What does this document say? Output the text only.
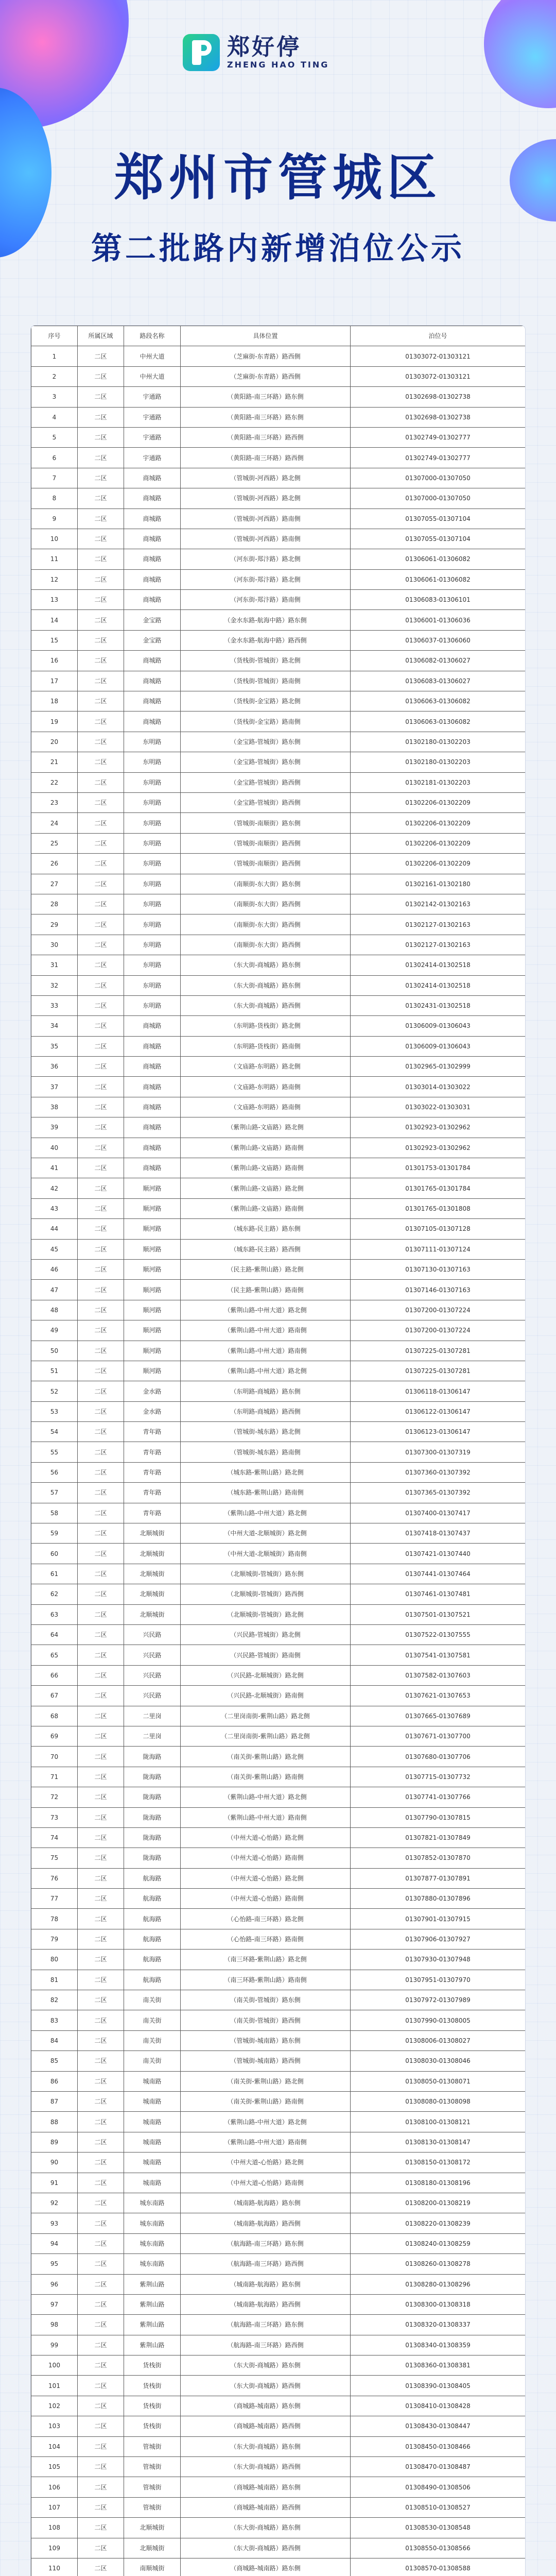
郑好停
ZHENG HAO TING
郑州市管城区
第二批路内新增泊位公示
序号	所属区域	路段名称	具体位置	泊位号
1	二区	中州大道	（芝麻街-东青路）路西侧	01303072-01303121
2	二区	中州大道	（芝麻街-东青路）路西侧	01303072-01303121
3	二区	宇通路	（黄阳路-南三环路）路东侧	01302698-01302738
4	二区	宇通路	（黄阳路-南三环路）路东侧	01302698-01302738
5	二区	宇通路	（黄阳路-南三环路）路西侧	01302749-01302777
6	二区	宇通路	（黄阳路-南三环路）路西侧	01302749-01302777
7	二区	商城路	（管城街-河西路）路北侧	01307000-01307050
8	二区	商城路	（管城街-河西路）路北侧	01307000-01307050
9	二区	商城路	（管城街-河西路）路南侧	01307055-01307104
10	二区	商城路	（管城街-河西路）路南侧	01307055-01307104
11	二区	商城路	（河东街-郑汴路）路北侧	01306061-01306082
12	二区	商城路	（河东街-郑汴路）路北侧	01306061-01306082
13	二区	商城路	（河东街-郑汴路）路南侧	01306083-01306101
14	二区	金宝路	（金水东路-航海中路）路东侧	01306001-01306036
15	二区	金宝路	（金水东路-航海中路）路西侧	01306037-01306060
16	二区	商城路	（货栈街-管城街）路北侧	01306082-01306027
17	二区	商城路	（货栈街-管城街）路南侧	01306083-01306027
18	二区	商城路	（货栈街-金宝路）路北侧	01306063-01306082
19	二区	商城路	（货栈街-金宝路）路南侧	01306063-01306082
20	二区	东明路	（金宝路-管城街）路东侧	01302180-01302203
21	二区	东明路	（金宝路-管城街）路东侧	01302180-01302203
22	二区	东明路	（金宝路-管城街）路西侧	01302181-01302203
23	二区	东明路	（金宝路-管城街）路西侧	01302206-01302209
24	二区	东明路	（管城街-南顺街）路东侧	01302206-01302209
25	二区	东明路	（管城街-南顺街）路西侧	01302206-01302209
26	二区	东明路	（管城街-南顺街）路西侧	01302206-01302209
27	二区	东明路	（南顺街-东大街）路东侧	01302161-01302180
28	二区	东明路	（南顺街-东大街）路西侧	01302142-01302163
29	二区	东明路	（南顺街-东大街）路西侧	01302127-01302163
30	二区	东明路	（南顺街-东大街）路西侧	01302127-01302163
31	二区	东明路	（东大街-商城路）路东侧	01302414-01302518
32	二区	东明路	（东大街-商城路）路东侧	01302414-01302518
33	二区	东明路	（东大街-商城路）路西侧	01302431-01302518
34	二区	商城路	（东明路-货栈街）路北侧	01306009-01306043
35	二区	商城路	（东明路-货栈街）路南侧	01306009-01306043
36	二区	商城路	（文庙路-东明路）路北侧	01302965-01302999
37	二区	商城路	（文庙路-东明路）路南侧	01303014-01303022
38	二区	商城路	（文庙路-东明路）路南侧	01303022-01303031
39	二区	商城路	（紫荆山路-文庙路）路北侧	01302923-01302962
40	二区	商城路	（紫荆山路-文庙路）路南侧	01302923-01302962
41	二区	商城路	（紫荆山路-文庙路）路南侧	01301753-01301784
42	二区	顺河路	（紫荆山路-文庙路）路北侧	01301765-01301784
43	二区	顺河路	（紫荆山路-文庙路）路南侧	01301765-01301808
44	二区	顺河路	（城东路-民主路）路东侧	01307105-01307128
45	二区	顺河路	（城东路-民主路）路西侧	01307111-01307124
46	二区	顺河路	（民主路-紫荆山路）路北侧	01307130-01307163
47	二区	顺河路	（民主路-紫荆山路）路南侧	01307146-01307163
48	二区	顺河路	（紫荆山路-中州大道）路北侧	01307200-01307224
49	二区	顺河路	（紫荆山路-中州大道）路南侧	01307200-01307224
50	二区	顺河路	（紫荆山路-中州大道）路南侧	01307225-01307281
51	二区	顺河路	（紫荆山路-中州大道）路北侧	01307225-01307281
52	二区	金水路	（东明路-商城路）路东侧	01306118-01306147
53	二区	金水路	（东明路-商城路）路西侧	01306122-01306147
54	二区	青年路	（管城街-城东路）路北侧	01306123-01306147
55	二区	青年路	（管城街-城东路）路南侧	01307300-01307319
56	二区	青年路	（城东路-紫荆山路）路北侧	01307360-01307392
57	二区	青年路	（城东路-紫荆山路）路南侧	01307365-01307392
58	二区	青年路	（紫荆山路-中州大道）路北侧	01307400-01307417
59	二区	北顺城街	（中州大道-北顺城街）路北侧	01307418-01307437
60	二区	北顺城街	（中州大道-北顺城街）路南侧	01307421-01307440
61	二区	北顺城街	（北顺城街-管城街）路东侧	01307441-01307464
62	二区	北顺城街	（北顺城街-管城街）路西侧	01307461-01307481
63	二区	北顺城街	（北顺城街-管城街）路北侧	01307501-01307521
64	二区	兴民路	（兴民路-管城街）路北侧	01307522-01307555
65	二区	兴民路	（兴民路-管城街）路南侧	01307541-01307581
66	二区	兴民路	（兴民路-北顺城街）路北侧	01307582-01307603
67	二区	兴民路	（兴民路-北顺城街）路南侧	01307621-01307653
68	二区	二里岗	（二里岗南街-紫荆山路）路北侧	01307665-01307689
69	二区	二里岗	（二里岗南街-紫荆山路）路北侧	01307671-01307700
70	二区	陇海路	（南关街-紫荆山路）路北侧	01307680-01307706
71	二区	陇海路	（南关街-紫荆山路）路南侧	01307715-01307732
72	二区	陇海路	（紫荆山路-中州大道）路北侧	01307741-01307766
73	二区	陇海路	（紫荆山路-中州大道）路南侧	01307790-01307815
74	二区	陇海路	（中州大道-心怡路）路北侧	01307821-01307849
75	二区	陇海路	（中州大道-心怡路）路南侧	01307852-01307870
76	二区	航海路	（中州大道-心怡路）路北侧	01307877-01307891
77	二区	航海路	（中州大道-心怡路）路南侧	01307880-01307896
78	二区	航海路	（心怡路-南三环路）路北侧	01307901-01307915
79	二区	航海路	（心怡路-南三环路）路南侧	01307906-01307927
80	二区	航海路	（南三环路-紫荆山路）路北侧	01307930-01307948
81	二区	航海路	（南三环路-紫荆山路）路南侧	01307951-01307970
82	二区	南关街	（南关街-管城街）路东侧	01307972-01307989
83	二区	南关街	（南关街-管城街）路西侧	01307990-01308005
84	二区	南关街	（管城街-城南路）路东侧	01308006-01308027
85	二区	南关街	（管城街-城南路）路西侧	01308030-01308046
86	二区	城南路	（南关街-紫荆山路）路北侧	01308050-01308071
87	二区	城南路	（南关街-紫荆山路）路南侧	01308080-01308098
88	二区	城南路	（紫荆山路-中州大道）路北侧	01308100-01308121
89	二区	城南路	（紫荆山路-中州大道）路南侧	01308130-01308147
90	二区	城南路	（中州大道-心怡路）路北侧	01308150-01308172
91	二区	城南路	（中州大道-心怡路）路南侧	01308180-01308196
92	二区	城东南路	（城南路-航海路）路东侧	01308200-01308219
93	二区	城东南路	（城南路-航海路）路西侧	01308220-01308239
94	二区	城东南路	（航海路-南三环路）路东侧	01308240-01308259
95	二区	城东南路	（航海路-南三环路）路西侧	01308260-01308278
96	二区	紫荆山路	（城南路-航海路）路东侧	01308280-01308296
97	二区	紫荆山路	（城南路-航海路）路西侧	01308300-01308318
98	二区	紫荆山路	（航海路-南三环路）路东侧	01308320-01308337
99	二区	紫荆山路	（航海路-南三环路）路西侧	01308340-01308359
100	二区	货栈街	（东大街-商城路）路东侧	01308360-01308381
101	二区	货栈街	（东大街-商城路）路西侧	01308390-01308405
102	二区	货栈街	（商城路-城南路）路东侧	01308410-01308428
103	二区	货栈街	（商城路-城南路）路西侧	01308430-01308447
104	二区	管城街	（东大街-商城路）路东侧	01308450-01308466
105	二区	管城街	（东大街-商城路）路西侧	01308470-01308487
106	二区	管城街	（商城路-城南路）路东侧	01308490-01308506
107	二区	管城街	（商城路-城南路）路西侧	01308510-01308527
108	二区	北顺城街	（东大街-商城路）路东侧	01308530-01308548
109	二区	北顺城街	（东大街-商城路）路西侧	01308550-01308566
110	二区	南顺城街	（商城路-城南路）路东侧	01308570-01308588
